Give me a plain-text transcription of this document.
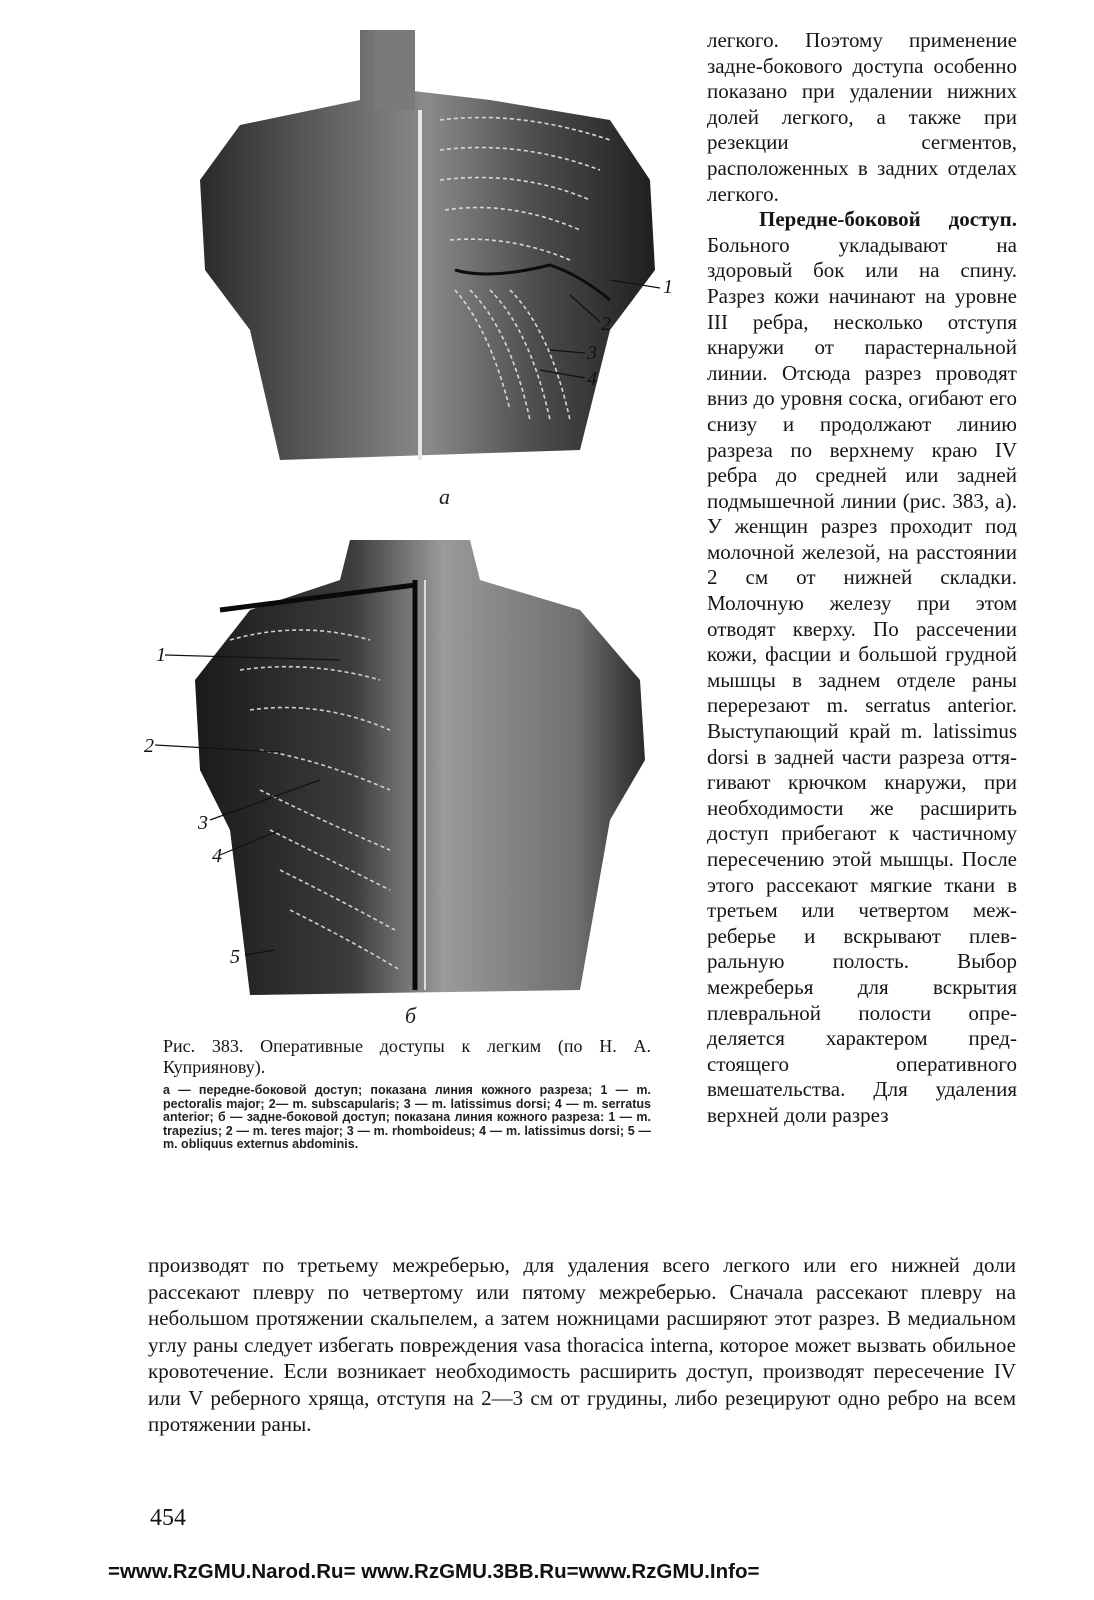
1
2
3
4
а
1
2
3
4
5
б

легкого. Поэтому применение задне-бокового доступа особенно показано при удалении нижних долей легкого, а также при резекции сегментов, расположенных в задних отделах легкого.

Передне-боковой доступ. Больного укладывают на здоровый бок или на спину. Разрез кожи начинают на уровне III ребра, несколько отступя кнаружи от парастернальной линии. Отсюда разрез проводят вниз до уровня соска, огибают его снизу и продолжают линию разреза по верхнему краю IV ребра до средней или задней подмышечной линии (рис. 383, а). У женщин разрез проходит под молочной железой, на расстоянии 2 см от нижней складки. Молочную железу при этом отводят кверху. По рассечении кожи, фасции и большой грудной мышцы в заднем отделе раны перерезают m. serratus anterior. Выступающий край m. latissimus dorsi в задней части разреза оттягивают крючком кнаружи, при необходимости же расширить доступ прибегают к частичному пересечению этой мышцы. После этого рассекают мягкие ткани в третьем или четвертом межреберье и вскрывают плевральную полость. Выбор межреберья для вскрытия плевральной полости определяется характером предстоящего оперативного вмешательства. Для удаления верхней доли разрез

Рис. 383. Оперативные доступы к легким (по Н. А. Куприянову).

а — передне-боковой доступ; показана линия кожного разреза; 1 — m. pectoralis major; 2— m. subscapularis; 3 — m. latissimus dorsi; 4 — m. serratus anterior; б — задне-боковой доступ; показана линия кожного разреза: 1 — m. trapezius; 2 — m. teres major; 3 — m. rhomboideus; 4 — m. latissimus dorsi; 5 — m. obliquus externus abdominis.

производят по третьему межреберью, для удаления всего легкого или его нижней доли рассекают плевру по четвертому или пятому межреберью. Сначала рассекают плевру на небольшом протяжении скальпелем, а затем ножницами расширяют этот разрез. В медиальном углу раны следует избегать повреждения vasa thoracica interna, которое может вызвать обильное кровотечение. Если возникает необходимость расширить доступ, производят пересечение IV или V реберного хряща, отступя на 2—3 см от грудины, либо резецируют одно ребро на всем протяжении раны.

454
=www.RzGMU.Narod.Ru= www.RzGMU.3BB.Ru=www.RzGMU.Info=
